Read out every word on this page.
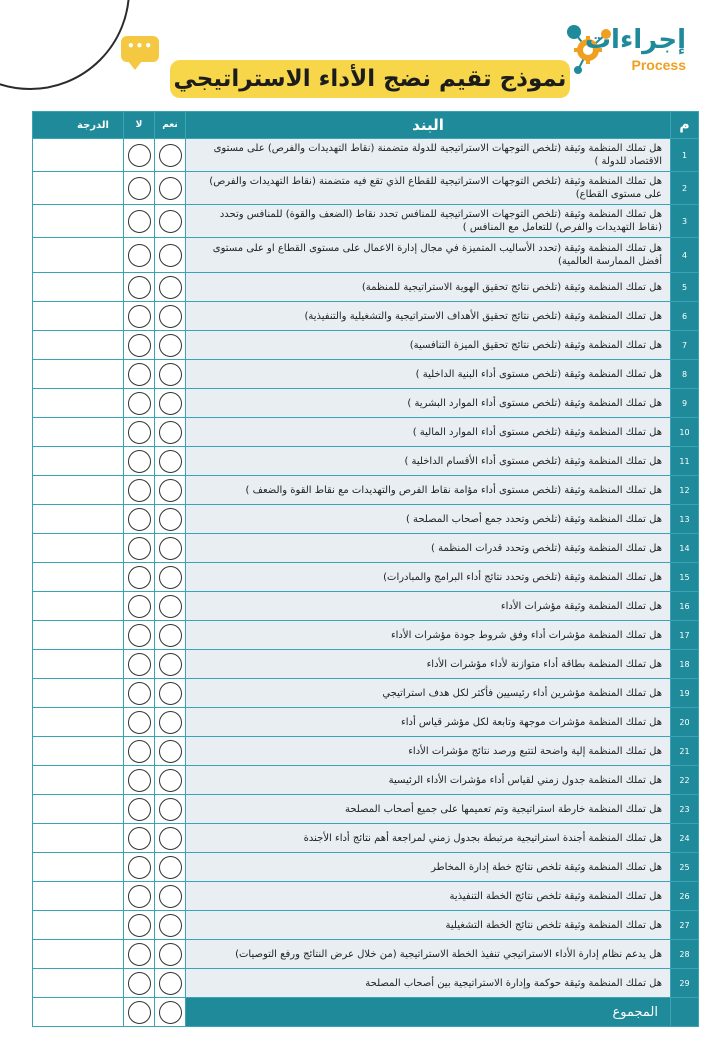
•••
نموذج تقيم نضج الأداء الاستراتيجي
إجراءات
Process
م	البند	نعم	لا	الدرجة
1	هل تملك المنظمة وثيقة (تلخص التوجهات الاستراتيجية للدولة متضمنة (نقاط التهديدات والفرص) على مستوى الاقتصاد للدولة )			
2	هل تملك المنظمة وثيقة (تلخص التوجهات الاستراتيجية للقطاع الذي تقع فيه متضمنة (نقاط التهديدات والفرص) على مستوى القطاع)			
3	هل تملك المنظمة وثيقة (تلخص التوجهات الاستراتيجية للمنافس تحدد نقاط (الضعف والقوة) للمنافس وتحدد (نقاط التهديدات والفرص) للتعامل مع المنافس )			
4	هل تملك المنظمة وثيقة (تحدد الأساليب المتميزة في مجال إدارة الاعمال على مستوى القطاع او على مستوى أفضل الممارسة العالمية)			
5	هل تملك المنظمة وثيقة (تلخص نتائج تحقيق الهوية الاستراتيجية للمنظمة)			
6	هل تملك المنظمة وثيقة (تلخص نتائج تحقيق الأهداف الاستراتيجية والتشغيلية والتنفيذية)			
7	هل تملك المنظمة وثيقة (تلخص نتائج تحقيق الميزة التنافسية)			
8	هل تملك المنظمة وثيقة (تلخص مستوى أداء البنية الداخلية )			
9	هل تملك المنظمة وثيقة (تلخص مستوى أداء الموارد البشرية )			
10	هل تملك المنظمة وثيقة (تلخص مستوى أداء الموارد المالية )			
11	هل تملك المنظمة وثيقة (تلخص مستوى أداء الأقسام الداخلية )			
12	هل تملك المنظمة وثيقة (تلخص مستوى أداء مؤامة نقاط الفرص والتهديدات مع نقاط القوة والضعف )			
13	هل تملك المنظمة وثيقة (تلخص وتحدد جمع أصحاب المصلحة )			
14	هل تملك المنظمة وثيقة (تلخص وتحدد قدرات المنظمة )			
15	هل تملك المنظمة وثيقة (تلخص وتحدد نتائج أداء البرامج والمبادرات)			
16	هل تملك المنظمة وثيقة مؤشرات الأداء			
17	هل تملك المنظمة مؤشرات أداء وفق شروط جودة مؤشرات الأداء			
18	هل تملك المنظمة بطاقة أداء متوازنة لأداء مؤشرات الأداء			
19	هل تملك المنظمة مؤشرين أداء رئيسيين فأكثر لكل هدف استراتيجي			
20	هل تملك المنظمة مؤشرات موجهة وتابعة لكل مؤشر قياس أداء			
21	هل تملك المنظمة إلية واضحة لتتبع ورصد نتائج مؤشرات الأداء			
22	هل تملك المنظمة جدول زمني لقياس أداء مؤشرات الأداء الرئيسية			
23	هل تملك المنظمة خارطة استراتيجية وتم تعميمها على جميع أصحاب المصلحة			
24	هل تملك المنظمة أجندة استراتيجية مرتبطة بجدول زمني لمراجعة أهم نتائج أداء الأجندة			
25	هل تملك المنظمة وثيقة تلخص نتائج خطة إدارة المخاطر			
26	هل تملك المنظمة وثيقة تلخص نتائج الخطة التنفيذية			
27	هل تملك المنظمة وثيقة تلخص نتائج الخطة التشغيلية			
28	هل يدعم نظام إدارة الأداء الاستراتيجي تنفيذ الخطة الاستراتيجية (من خلال عرض النتائج ورفع التوصيات)			
29	هل تملك المنظمة وثيقة حوكمة وإدارة الاستراتيجية بين أصحاب المصلحة			
	المجموع			
